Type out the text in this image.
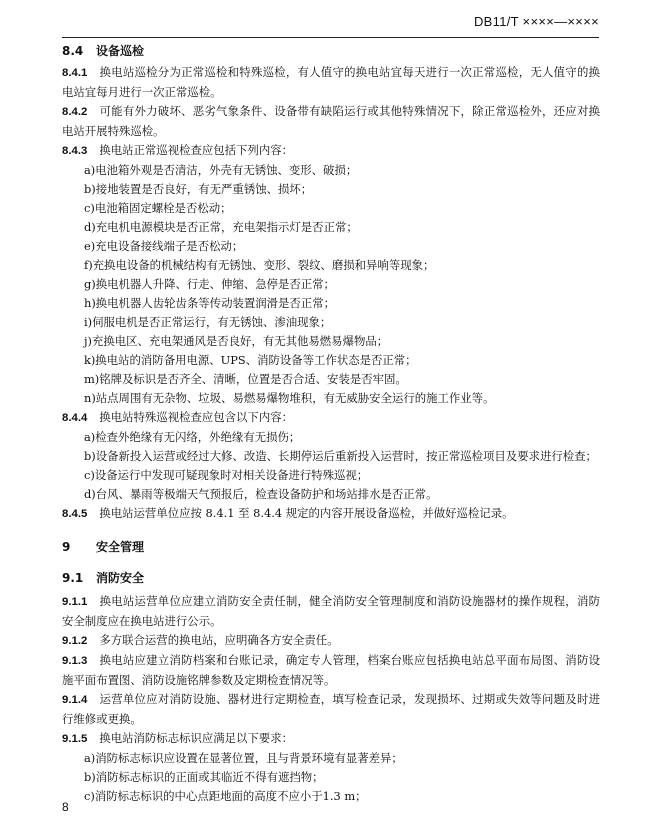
DB11/T ××××—××××
8.4 设备巡检
8.4.1 换电站巡检分为正常巡检和特殊巡检，有人值守的换电站宜每天进行一次正常巡检，无人值守的换电站宜每月进行一次正常巡检。
8.4.2 可能有外力破坏、恶劣气象条件、设备带有缺陷运行或其他特殊情况下，除正常巡检外，还应对换电站开展特殊巡检。
8.4.3 换电站正常巡视检查应包括下列内容：
a)电池箱外观是否清洁，外壳有无锈蚀、变形、破损；
b)接地装置是否良好，有无严重锈蚀、损坏；
c)电池箱固定螺栓是否松动；
d)充电机电源模块是否正常，充电架指示灯是否正常；
e)充电设备接线端子是否松动；
f)充换电设备的机械结构有无锈蚀、变形、裂纹、磨损和异响等现象；
g)换电机器人升降、行走、伸缩、急停是否正常；
h)换电机器人齿轮齿条等传动装置润滑是否正常；
i)伺服电机是否正常运行，有无锈蚀、渗油现象；
j)充换电区、充电架通风是否良好，有无其他易燃易爆物品；
k)换电站的消防备用电源、UPS、消防设备等工作状态是否正常；
m)铭牌及标识是否齐全、清晰，位置是否合适、安装是否牢固。
n)站点周围有无杂物、垃圾、易燃易爆物堆积，有无威胁安全运行的施工作业等。
8.4.4 换电站特殊巡视检查应包含以下内容：
a)检查外绝缘有无闪络，外绝缘有无损伤；
b)设备新投入运营或经过大修、改造、长期停运后重新投入运营时，按正常巡检项目及要求进行检查；
c)设备运行中发现可疑现象时对相关设备进行特殊巡视；
d)台风、暴雨等极端天气预报后，检查设备防护和场站排水是否正常。
8.4.5 换电站运营单位应按 8.4.1 至 8.4.4 规定的内容开展设备巡检，并做好巡检记录。
9 安全管理
9.1 消防安全
9.1.1 换电站运营单位应建立消防安全责任制，健全消防安全管理制度和消防设施器材的操作规程，消防安全制度应在换电站进行公示。
9.1.2 多方联合运营的换电站，应明确各方安全责任。
9.1.3 换电站应建立消防档案和台账记录，确定专人管理，档案台账应包括换电站总平面布局图、消防设施平面布置图、消防设施铭牌参数及定期检查情况等。
9.1.4 运营单位应对消防设施、器材进行定期检查，填写检查记录，发现损坏、过期或失效等问题及时进行维修或更换。
9.1.5 换电站消防标志标识应满足以下要求：
a)消防标志标识应设置在显著位置，且与背景环境有显著差异；
b)消防标志标识的正面或其临近不得有遮挡物；
c)消防标志标识的中心点距地面的高度不应小于1.3 m；
8
